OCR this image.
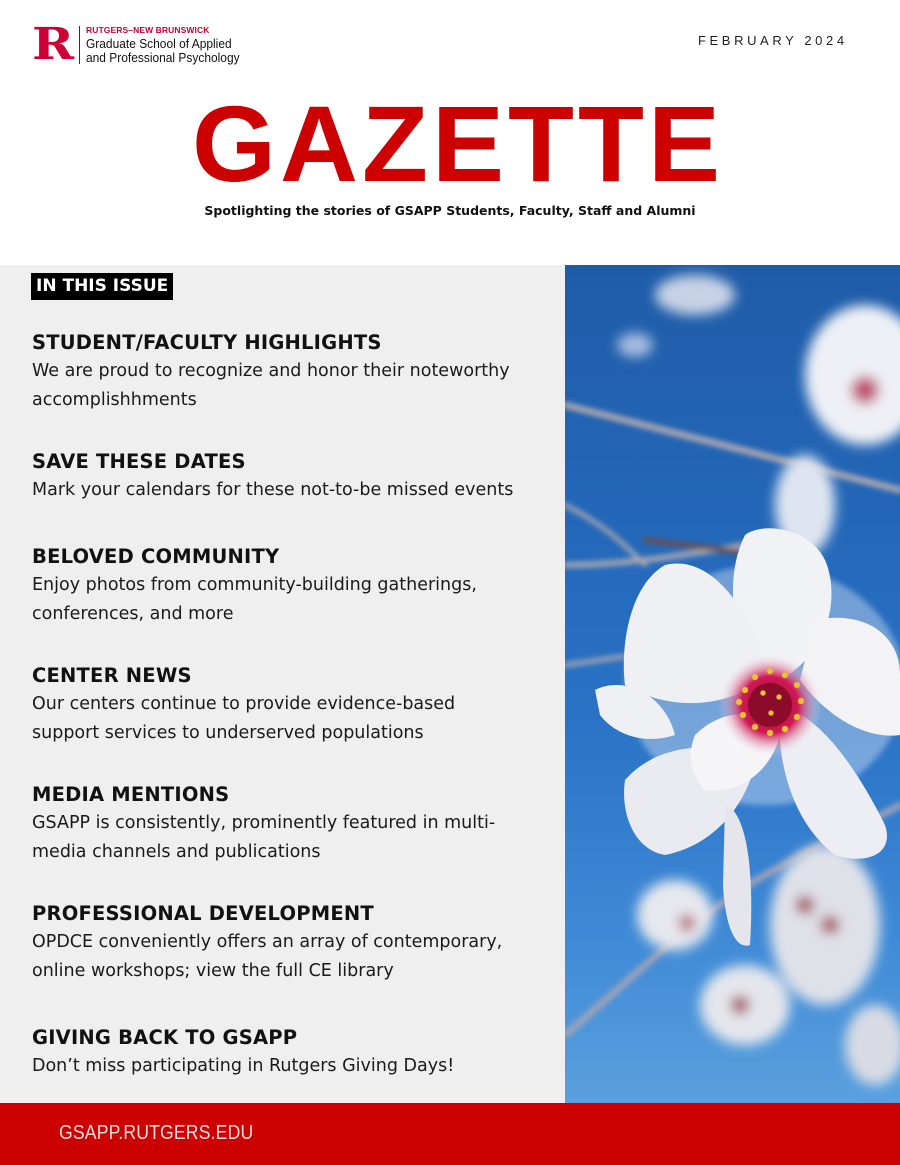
R	RUTGERS–NEW BRUNSWICK
Graduate School of Applied
and Professional Psychology
FEBRUARY 2024
GAZETTE
Spotlighting the stories of GSAPP Students, Faculty, Staff and Alumni
IN THIS ISSUE
STUDENT/FACULTY HIGHLIGHTS
We are proud to recognize and honor their noteworthy
accomplishhments
SAVE THESE DATES
Mark your calendars for these not-to-be missed events
BELOVED COMMUNITY
Enjoy photos from community-building gatherings,
conferences, and more
CENTER NEWS
Our centers continue to provide evidence-based
support services to underserved populations
MEDIA MENTIONS
GSAPP is consistently, prominently featured in multi-
media channels and publications
PROFESSIONAL DEVELOPMENT
OPDCE conveniently offers an array of contemporary,
online workshops; view the full CE library
GIVING BACK TO GSAPP
Don’t miss participating in Rutgers Giving Days!
GSAPP.RUTGERS.EDU
